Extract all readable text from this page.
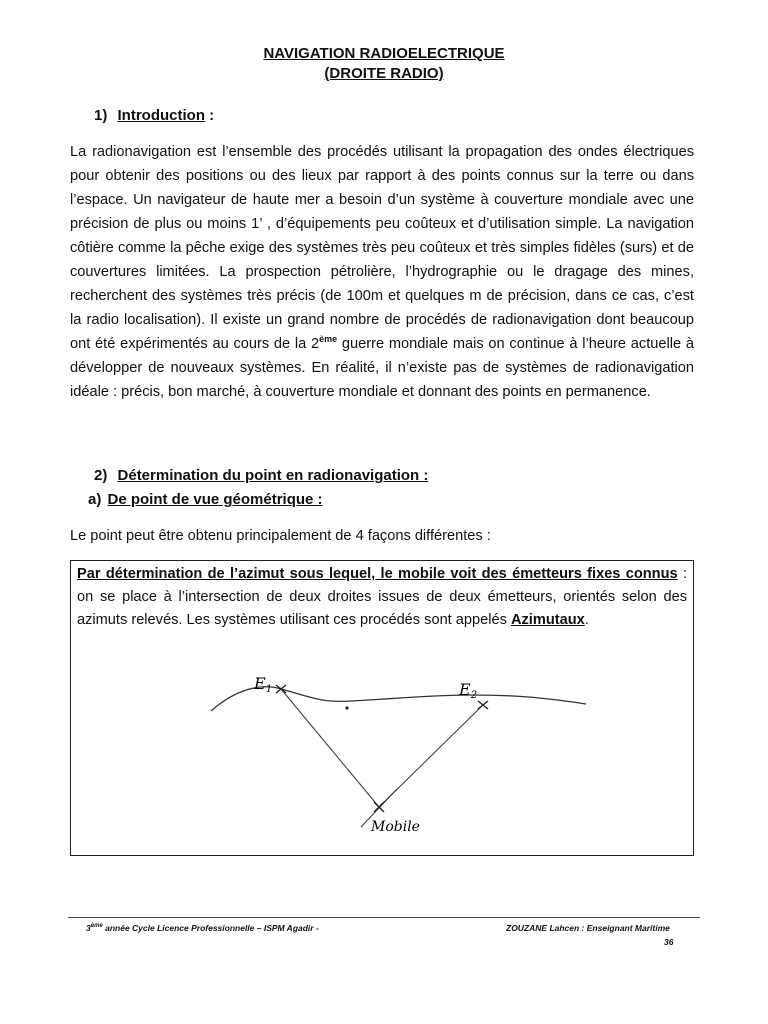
NAVIGATION RADIOELECTRIQUE
(DROITE RADIO)
1) Introduction :

La radionavigation est l’ensemble des procédés utilisant la propagation des ondes électriques pour obtenir des positions ou des lieux par rapport à des points connus sur la terre ou dans l’espace. Un navigateur de haute mer a besoin d’un système à couverture mondiale avec une précision de plus ou moins 1’ , d’équipements peu coûteux et d’utilisation simple. La navigation côtière comme la pêche exige des systèmes très peu coûteux et très simples fidèles (surs) et de couvertures limitées. La prospection pétrolière, l’hydrographie ou le dragage des mines, recherchent des systèmes très précis (de 100m et quelques m de précision, dans ce cas, c’est la radio localisation). Il existe un grand nombre de procédés de radionavigation dont beaucoup ont été expérimentés au cours de la 2ème guerre mondiale mais on continue à l’heure actuelle à développer de nouveaux systèmes. En réalité, il n’existe pas de systèmes de radionavigation idéale : précis, bon marché, à couverture mondiale et donnant des points en permanence.

2) Détermination du point en radionavigation :
a) De point de vue géométrique :
Le point peut être obtenu principalement de 4 façons différentes :

Par détermination de l’azimut sous lequel, le mobile voit des émetteurs fixes connus : on se place à l’intersection de deux droites issues de deux émetteurs, orientés selon des azimuts relevés. Les systèmes utilisant ces procédés sont appelés Azimutaux.

E1	E2
Mobile
3ème année Cycle Licence Professionnelle – ISPM Agadir -	ZOUZANE Lahcen : Enseignant Maritime
36
